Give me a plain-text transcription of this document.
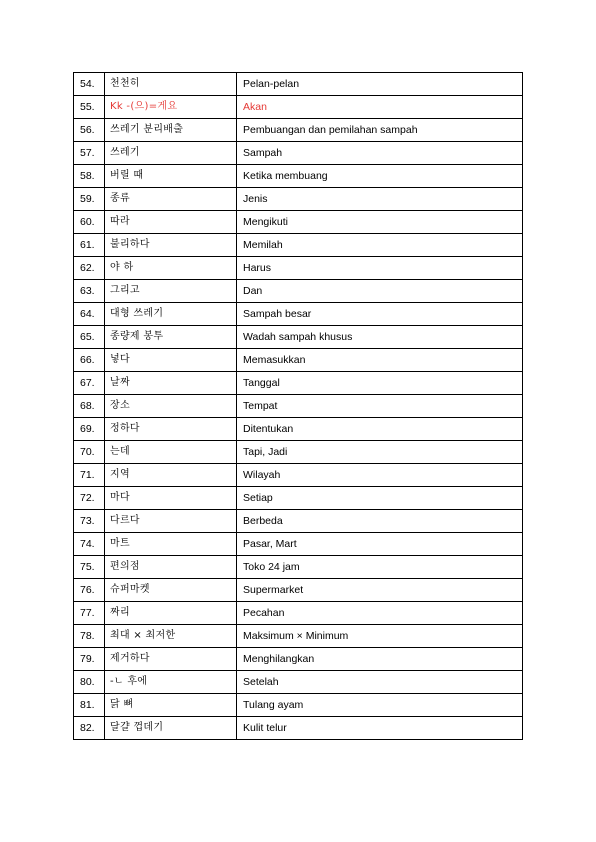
54.	천천히	Pelan-pelan
55.	Kk -(으)=게요	Akan
56.	쓰레기 분리배출	Pembuangan dan pemilahan sampah
57.	쓰레기	Sampah
58.	버릴 때	Ketika membuang
59.	종류	Jenis
60.	따라	Mengikuti
61.	불리하다	Memilah
62.	야 하	Harus
63.	그리고	Dan
64.	대형 쓰레기	Sampah besar
65.	종량제 봉투	Wadah sampah khusus
66.	넣다	Memasukkan
67.	날짜	Tanggal
68.	장소	Tempat
69.	정하다	Ditentukan
70.	는데	Tapi, Jadi
71.	지역	Wilayah
72.	마다	Setiap
73.	다르다	Berbeda
74.	마트	Pasar, Mart
75.	편의점	Toko 24 jam
76.	슈퍼마켓	Supermarket
77.	짜리	Pecahan
78.	최대 × 최저한	Maksimum × Minimum
79.	제거하다	Menghilangkan
80.	-ㄴ 후에	Setelah
81.	닭 뼈	Tulang ayam
82.	달걀 껍데기	Kulit telur
